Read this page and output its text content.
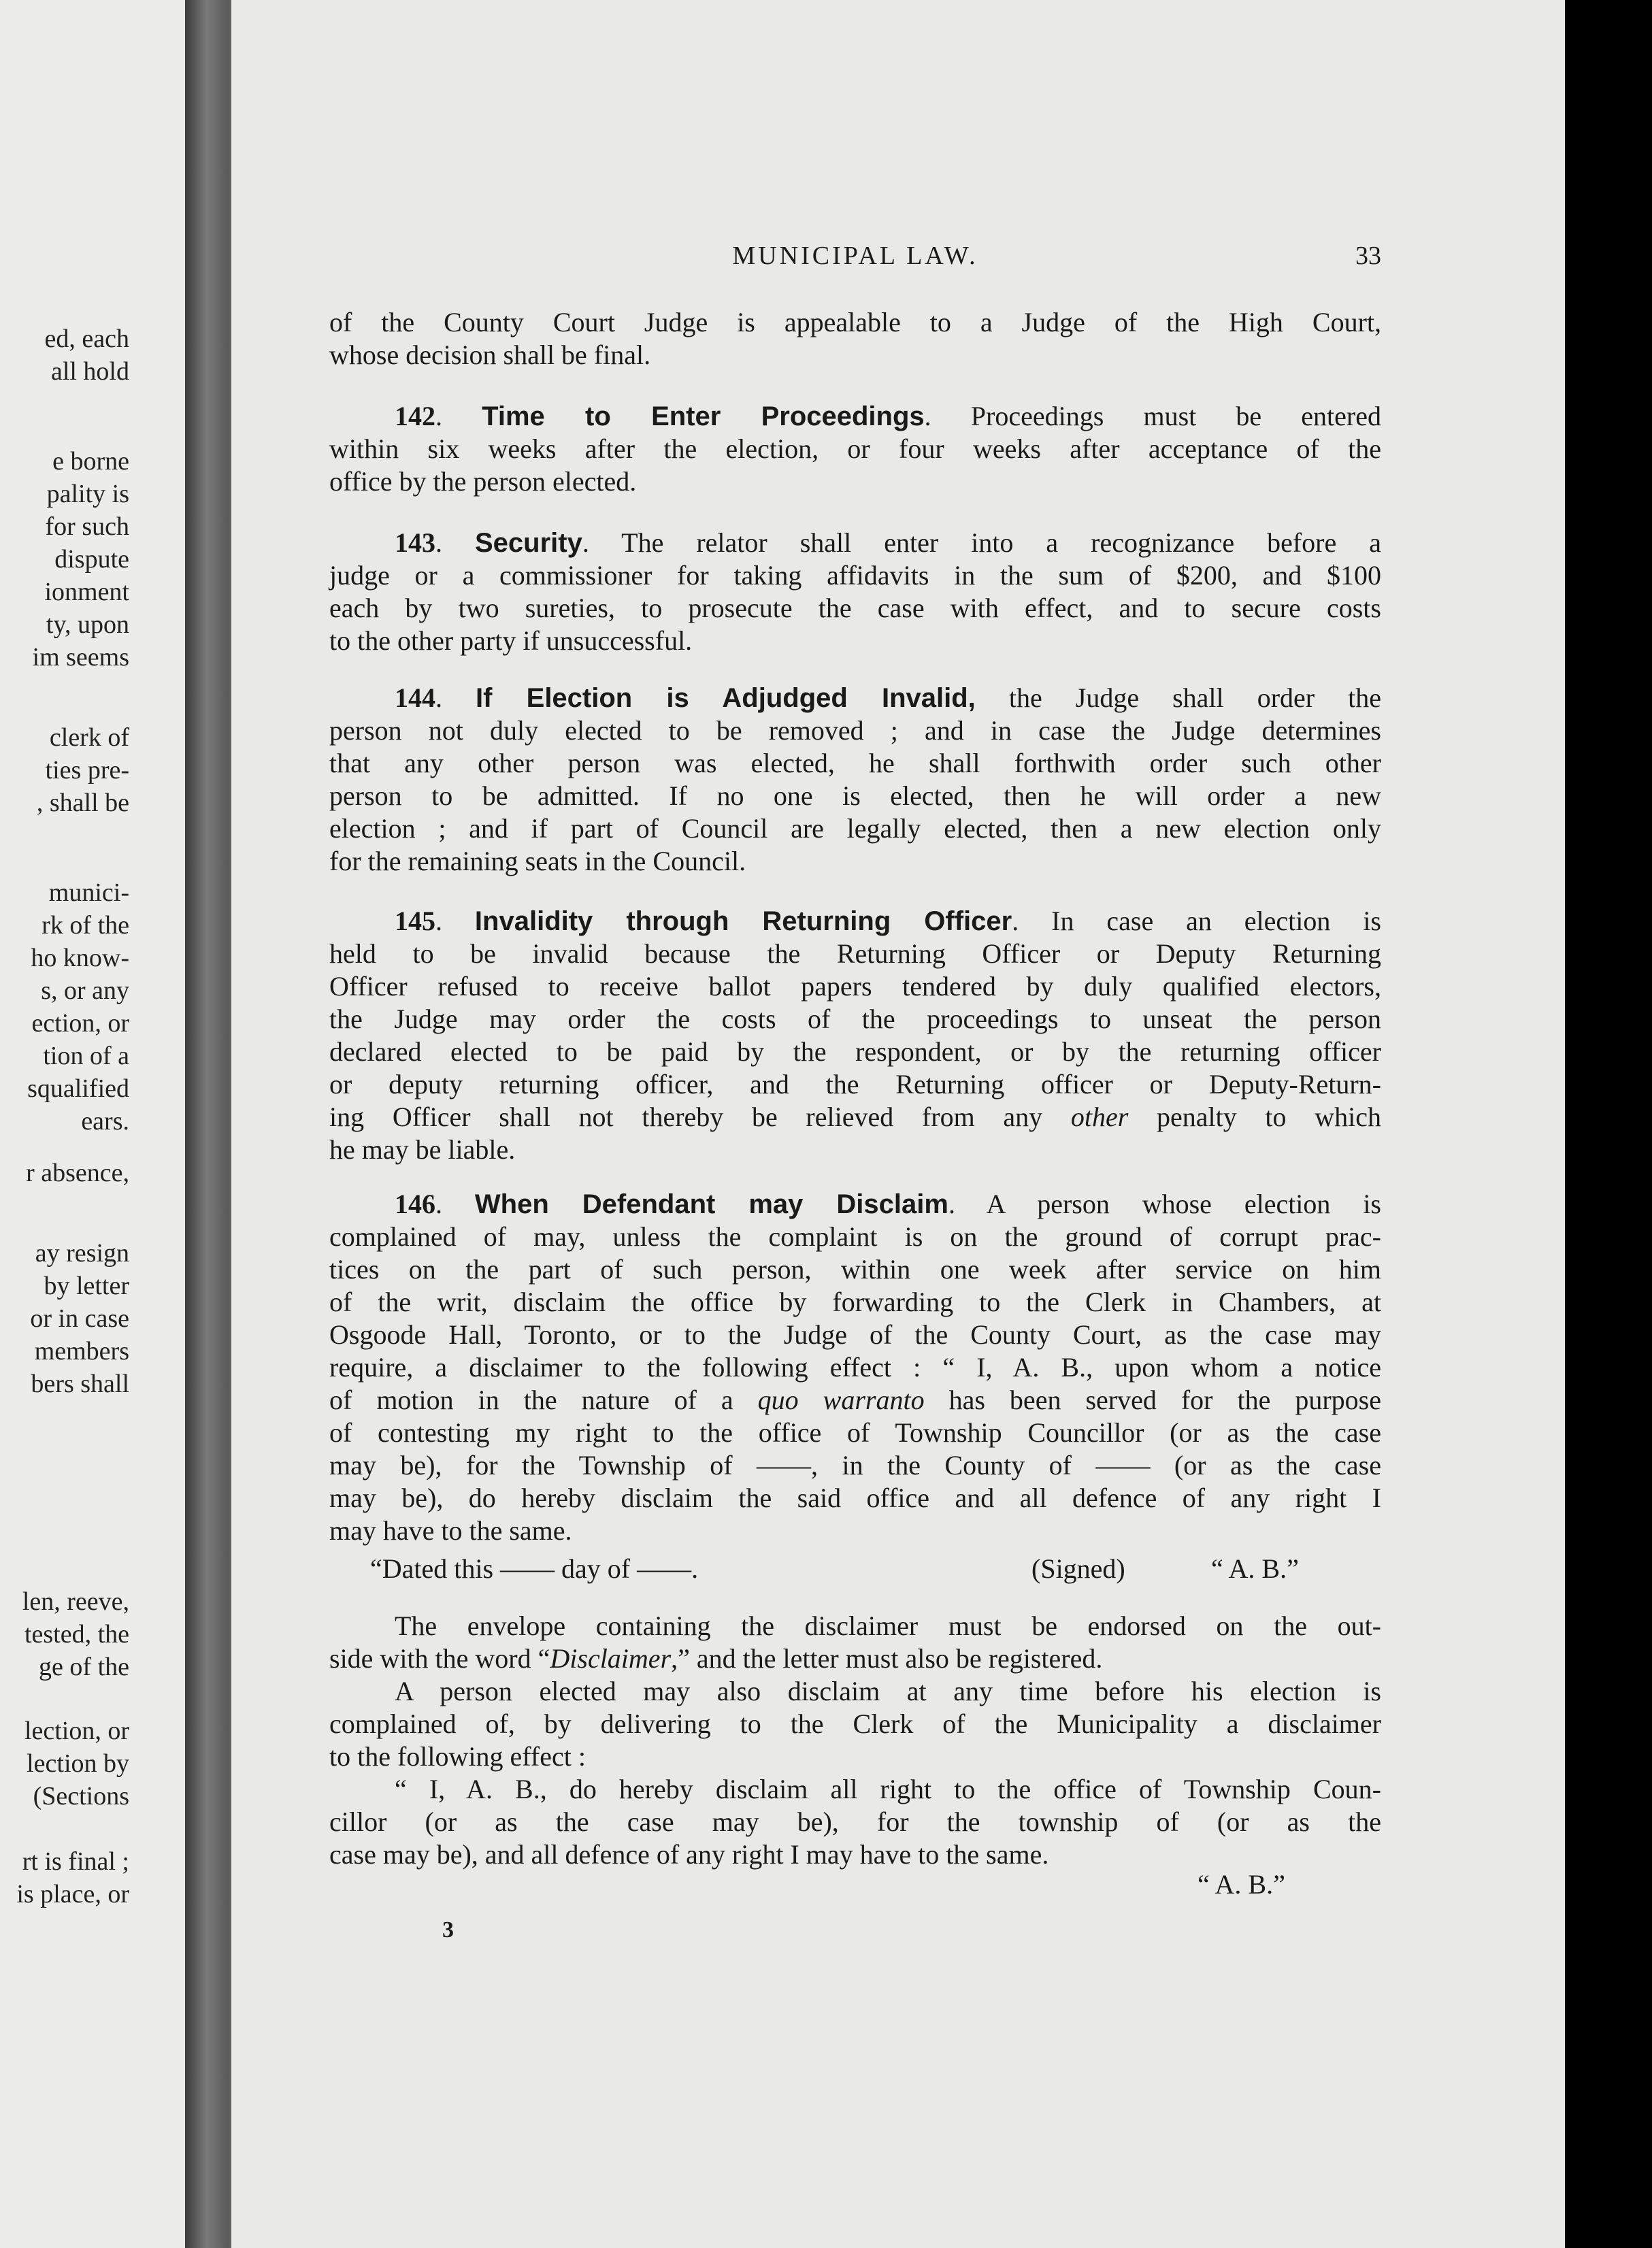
ed, each
all hold
e borne
pality is
for such
dispute
ionment
ty, upon
im seems
clerk of
ties pre-
, shall be
munici-
rk of the
ho know-
s, or any
ection, or
tion of a
squalified
ears.
r absence,
ay resign
by letter
or in case
members
bers shall
len, reeve,
tested, the
ge of the
lection, or
lection by
(Sections
rt is final ;
is place, or
MUNICIPAL LAW.	33
of the County Court Judge is appealable to a Judge of the High Court,
whose decision shall be final.
142. Time to Enter Proceedings. Proceedings must be entered
within six weeks after the election, or four weeks after acceptance of the
office by the person elected.
143. Security. The relator shall enter into a recognizance before a
judge or a commissioner for taking affidavits in the sum of $200, and $100
each by two sureties, to prosecute the case with effect, and to secure costs
to the other party if unsuccessful.
144. If Election is Adjudged Invalid, the Judge shall order the
person not duly elected to be removed ; and in case the Judge determines
that any other person was elected, he shall forthwith order such other
person to be admitted. If no one is elected, then he will order a new
election ; and if part of Council are legally elected, then a new election only
for the remaining seats in the Council.
145. Invalidity through Returning Officer. In case an election is
held to be invalid because the Returning Officer or Deputy Returning
Officer refused to receive ballot papers tendered by duly qualified electors,
the Judge may order the costs of the proceedings to unseat the person
declared elected to be paid by the respondent, or by the returning officer
or deputy returning officer, and the Returning officer or Deputy-Return-
ing Officer shall not thereby be relieved from any other penalty to which
he may be liable.
146. When Defendant may Disclaim. A person whose election is
complained of may, unless the complaint is on the ground of corrupt prac-
tices on the part of such person, within one week after service on him
of the writ, disclaim the office by forwarding to the Clerk in Chambers, at
Osgoode Hall, Toronto, or to the Judge of the County Court, as the case may
require, a disclaimer to the following effect : “ I, A. B., upon whom a notice
of motion in the nature of a quo warranto has been served for the purpose
of contesting my right to the office of Township Councillor (or as the case
may be), for the Township of ——, in the County of —— (or as the case
may be), do hereby disclaim the said office and all defence of any right I
may have to the same.
“Dated this —— day of ——.
The envelope containing the disclaimer must be endorsed on the out-
side with the word “Disclaimer,” and the letter must also be registered.
A person elected may also disclaim at any time before his election is
complained of, by delivering to the Clerk of the Municipality a disclaimer
to the following effect :
“ I, A. B., do hereby disclaim all right to the office of Township Coun-
cillor (or as the case may be), for the township of (or as the
case may be), and all defence of any right I may have to the same.
(Signed)	“ A. B.”
“ A. B.”
3
